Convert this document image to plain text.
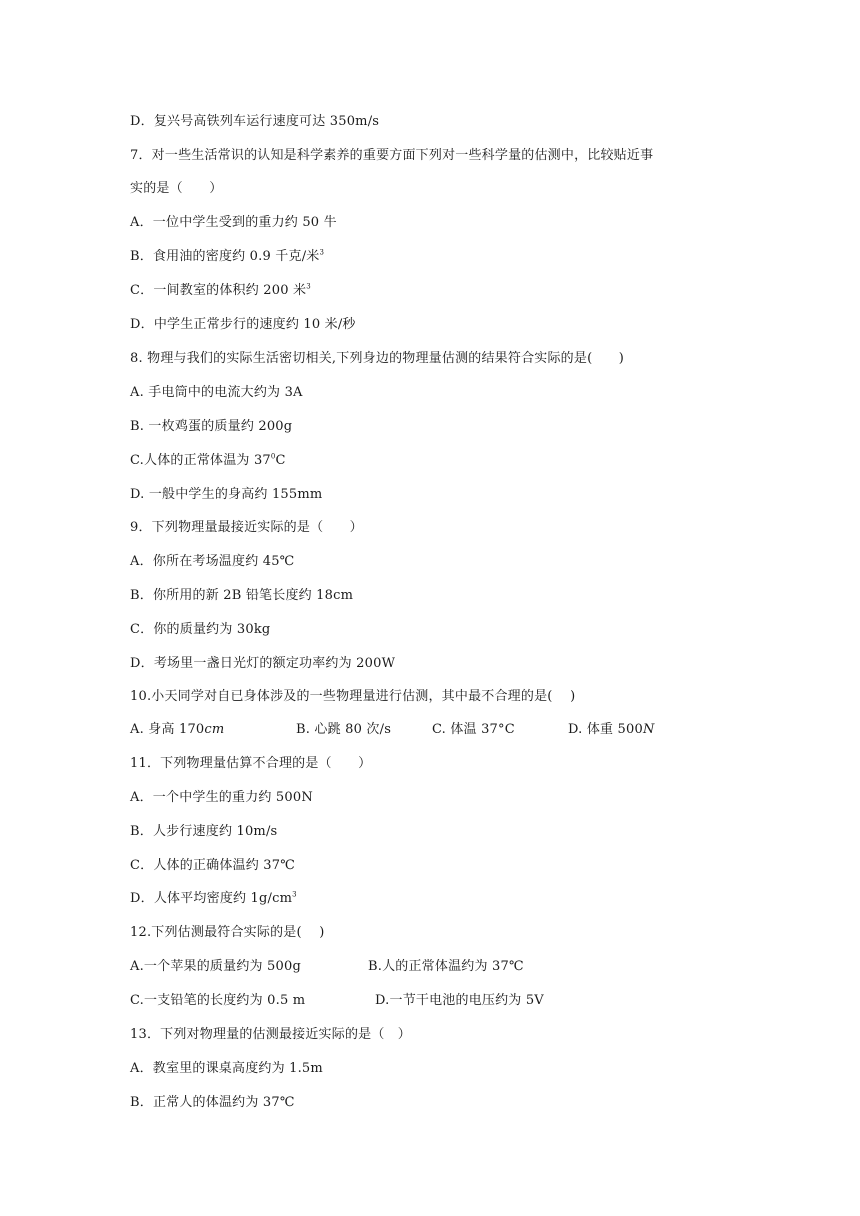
D．复兴号高铁列车运行速度可达 350m/s
7．对一些生活常识的认知是科学素养的重要方面下列对一些科学量的估测中，比较贴近事
实的是（　　）
A．一位中学生受到的重力约 50 牛
B．食用油的密度约 0.9 千克/米$^3$
C．一间教室的体积约 200 米$^3$
D．中学生正常步行的速度约 10 米/秒
8. 物理与我们的实际生活密切相关,下列身边的物理量估测的结果符合实际的是(　　)
A. 手电筒中的电流大约为 3A
B. 一枚鸡蛋的质量约 200g
C.人体的正常体温为 $37^0C$
D. 一般中学生的身高约 155mm
9．下列物理量最接近实际的是（　　）
A．你所在考场温度约 45℃
B．你所用的新 2B 铅笔长度约 18cm
C．你的质量约为 30kg
D．考场里一盏日光灯的额定功率约为 200W
10.小天同学对自已身体涉及的一些物理量进行估测，其中最不合理的是(　 )
A. 身高 170cm	B. 心跳 80 次/s	C. 体温 37°C	D. 体重 500N
11．下列物理量估算不合理的是（　　）
A．一个中学生的重力约 500N
B．人步行速度约 10m/s
C．人体的正确体温约 37℃
D．人体平均密度约 $1g/cm^3$
12.下列估测最符合实际的是(　 )
A.一个苹果的质量约为 500g	B.人的正常体温约为 37℃
C.一支铅笔的长度约为 0.5 m	D.一节干电池的电压约为 5V
13．下列对物理量的估测最接近实际的是（　）
A．教室里的课桌高度约为 1.5m
B．正常人的体温约为 37℃
